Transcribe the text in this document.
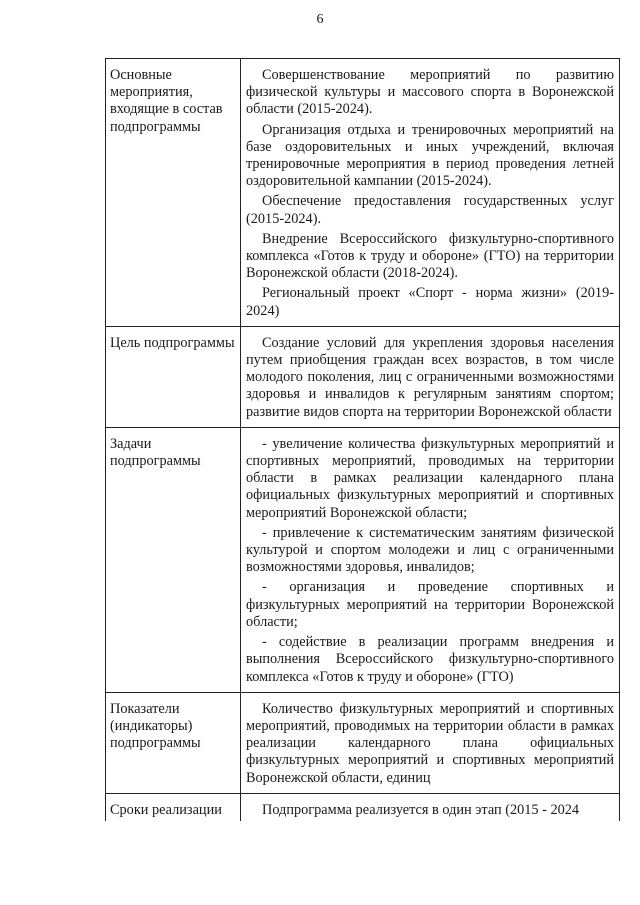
6

Основные мероприятия, входящие в состав подпрограммы	Совершенствование мероприятий по развитию физической культуры и массового спорта в Воронежской области (2015-2024).

Организация отдыха и тренировочных мероприятий на базе оздоровительных и иных учреждений, включая тренировочные мероприятия в период проведения летней оздоровительной кампании (2015-2024).

Обеспечение предоставления государственных услуг (2015-2024).

Внедрение Всероссийского физкультурно-спортивного комплекса «Готов к труду и обороне» (ГТО) на территории Воронежской области (2018-2024).

Региональный проект «Спорт - норма жизни» (2019-2024)

Цель подпрограммы	Создание условий для укрепления здоровья населения путем приобщения граждан всех возрастов, в том числе молодого поколения, лиц с ограниченными возможностями здоровья и инвалидов к регулярным занятиям спортом; развитие видов спорта на территории Воронежской области

Задачи подпрограммы	- увеличение количества физкультурных мероприятий и спортивных мероприятий, проводимых на территории области в рамках реализации календарного плана официальных физкультурных мероприятий и спортивных мероприятий Воронежской области;

- привлечение к систематическим занятиям физической культурой и спортом молодежи и лиц с ограниченными возможностями здоровья, инвалидов;

- организация и проведение спортивных и физкультурных мероприятий на территории Воронежской области;

- содействие в реализации программ внедрения и выполнения Всероссийского физкультурно-спортивного комплекса «Готов к труду и обороне» (ГТО)

Показатели (индикаторы) подпрограммы	Количество физкультурных мероприятий и спортивных мероприятий, проводимых на территории области в рамках реализации календарного плана официальных физкультурных мероприятий и спортивных мероприятий Воронежской области, единиц

Сроки реализации	Подпрограмма реализуется в один этап (2015 - 2024
